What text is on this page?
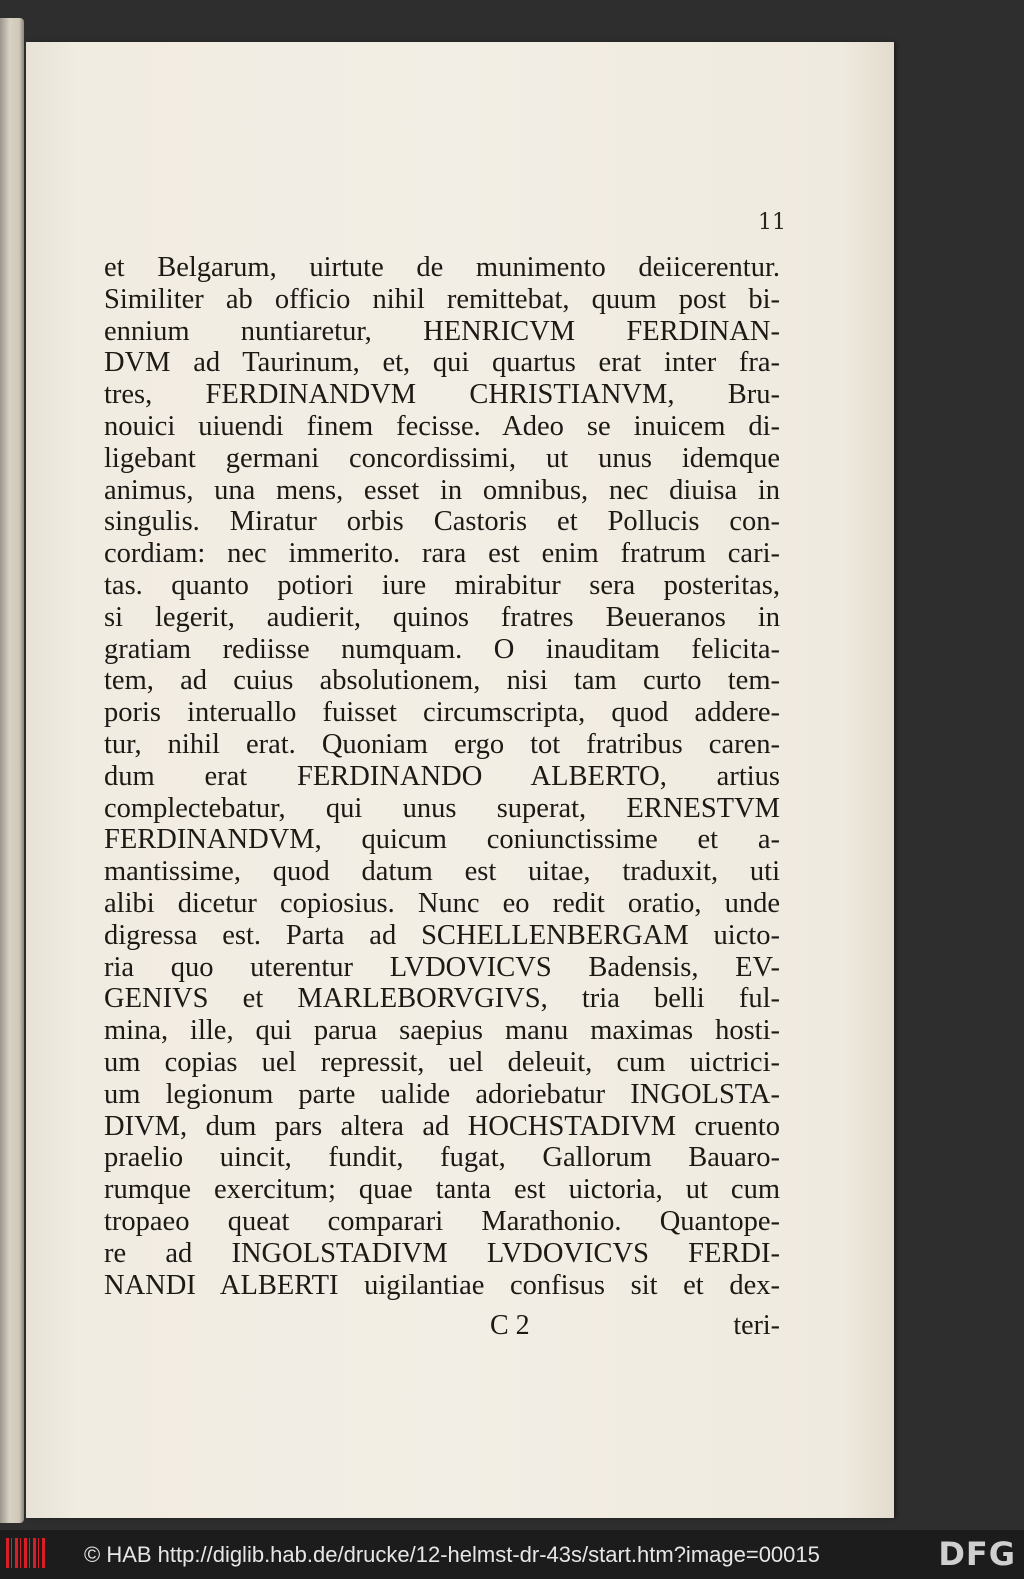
11
et Belgarum, uirtute de munimento deiicerentur.
Similiter ab officio nihil remittebat, quum post bi-
ennium nuntiaretur, HENRICVM FERDINAN-
DVM ad Taurinum, et, qui quartus erat inter fra-
tres, FERDINANDVM CHRISTIANVM, Bru-
nouici uiuendi finem fecisse. Adeo se inuicem di-
ligebant germani concordissimi, ut unus idemque
animus, una mens, esset in omnibus, nec diuisa in
singulis. Miratur orbis Castoris et Pollucis con-
cordiam: nec immerito. rara est enim fratrum cari-
tas. quanto potiori iure mirabitur sera posteritas,
si legerit, audierit, quinos fratres Beueranos in
gratiam rediisse numquam. O inauditam felicita-
tem, ad cuius absolutionem, nisi tam curto tem-
poris interuallo fuisset circumscripta, quod addere-
tur, nihil erat. Quoniam ergo tot fratribus caren-
dum erat FERDINANDO ALBERTO, artius
complectebatur, qui unus superat, ERNESTVM
FERDINANDVM, quicum coniunctissime et a-
mantissime, quod datum est uitae, traduxit, uti
alibi dicetur copiosius. Nunc eo redit oratio, unde
digressa est. Parta ad SCHELLENBERGAM uicto-
ria quo uterentur LVDOVICVS Badensis, EV-
GENIVS et MARLEBORVGIVS, tria belli ful-
mina, ille, qui parua saepius manu maximas hosti-
um copias uel repressit, uel deleuit, cum uictrici-
um legionum parte ualide adoriebatur INGOLSTA-
DIVM, dum pars altera ad HOCHSTADIVM cruento
praelio uincit, fundit, fugat, Gallorum Bauaro-
rumque exercitum; quae tanta est uictoria, ut cum
tropaeo queat comparari Marathonio. Quantope-
re ad INGOLSTADIVM LVDOVICVS FERDI-
NANDI ALBERTI uigilantiae confisus sit et dex-
C 2	teri-
© HAB http://diglib.hab.de/drucke/12-helmst-dr-43s/start.htm?image=00015	DFG
